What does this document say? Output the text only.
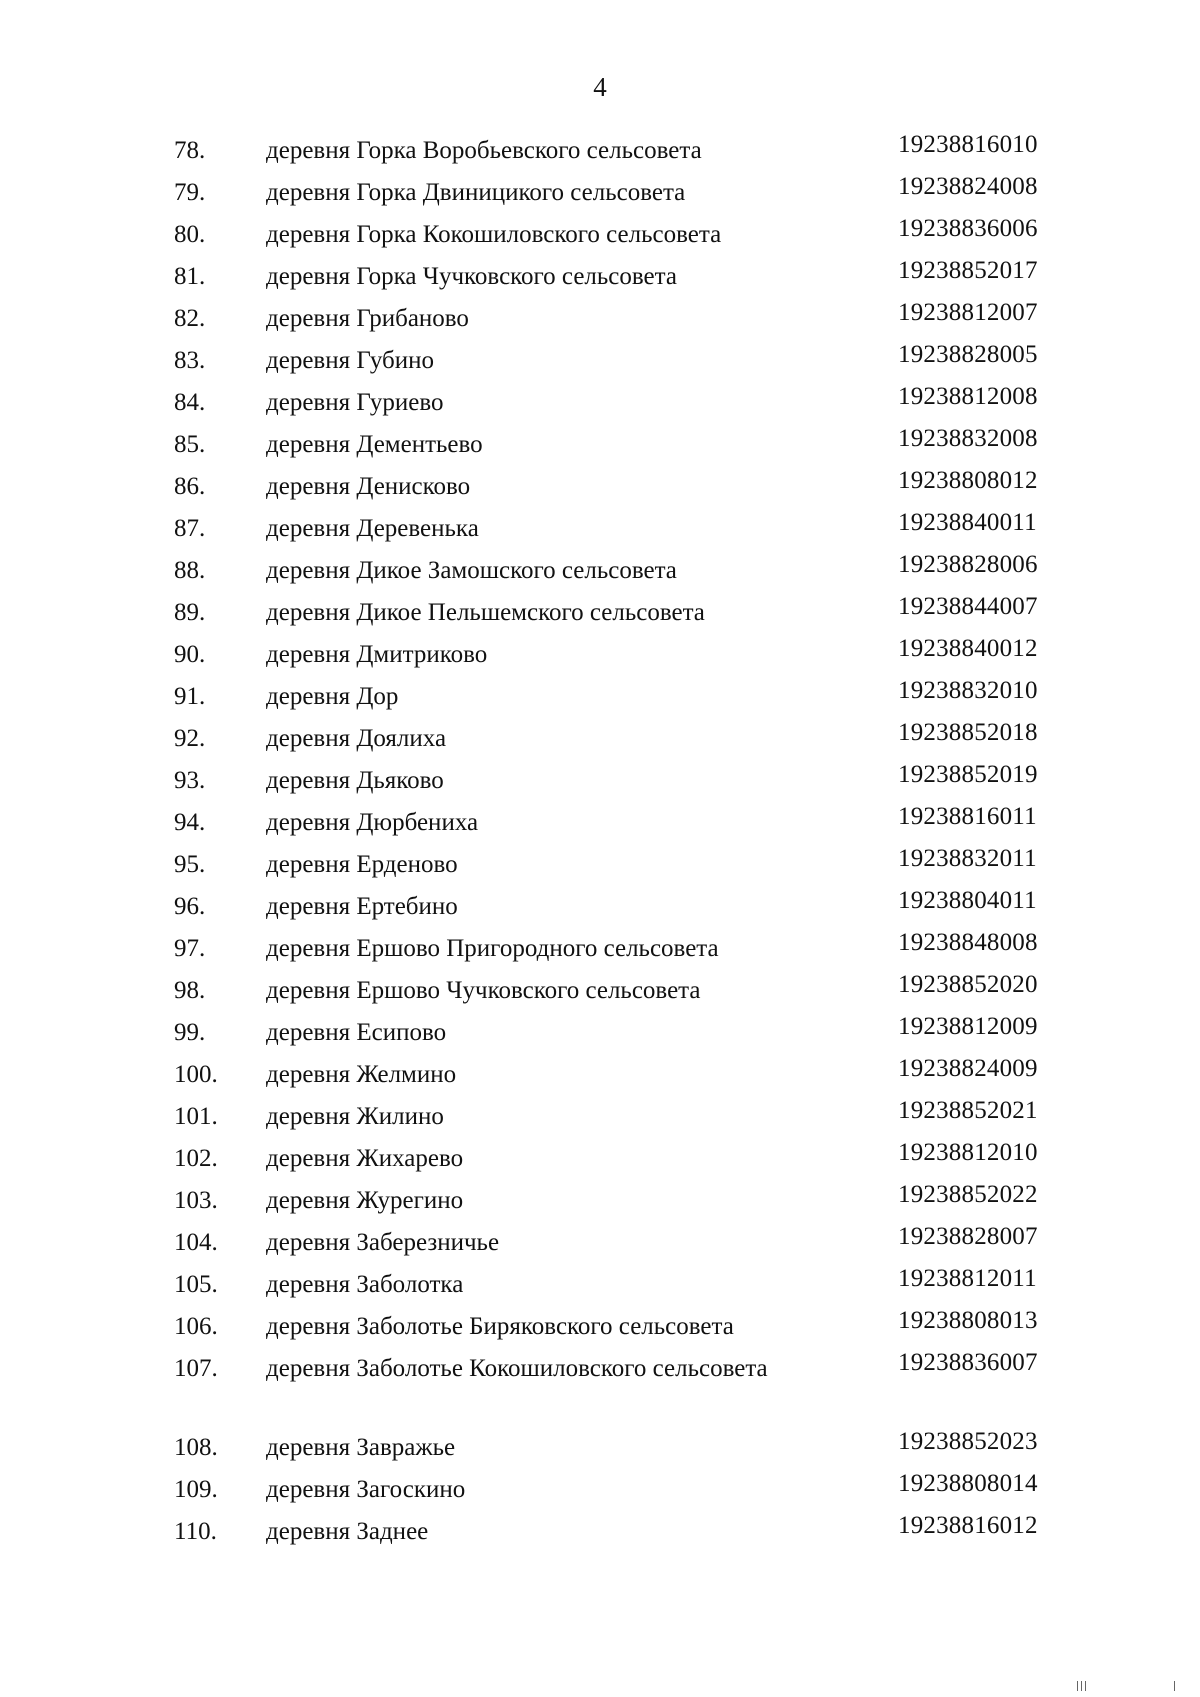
4
78. деревня Горка Воробьевского сельсовета	19238816010
79. деревня Горка Двиницикого сельсовета	19238824008
80. деревня Горка Кокошиловского сельсовета	19238836006
81. деревня Горка Чучковского сельсовета	19238852017
82. деревня Грибаново	19238812007
83. деревня Губино	19238828005
84. деревня Гуриево	19238812008
85. деревня Дементьево	19238832008
86. деревня Денисково	19238808012
87. деревня Деревенька	19238840011
88. деревня Дикое Замошского сельсовета	19238828006
89. деревня Дикое Пельшемского сельсовета	19238844007
90. деревня Дмитриково	19238840012
91. деревня Дор	19238832010
92. деревня Доялиха	19238852018
93. деревня Дьяково	19238852019
94. деревня Дюрбениха	19238816011
95. деревня Ерденово	19238832011
96. деревня Ертебино	19238804011
97. деревня Ершово Пригородного сельсовета	19238848008
98. деревня Ершово Чучковского сельсовета	19238852020
99. деревня Есипово	19238812009
100. деревня Желмино	19238824009
101. деревня Жилино	19238852021
102. деревня Жихарево	19238812010
103. деревня Журегино	19238852022
104. деревня Заберезничье	19238828007
105. деревня Заболотка	19238812011
106. деревня Заболотье Биряковского сельсовета	19238808013
107. деревня Заболотье Кокошиловского сельсовета	19238836007
108. деревня Завражье	19238852023
109. деревня Загоскино	19238808014
110. деревня Заднее	19238816012
